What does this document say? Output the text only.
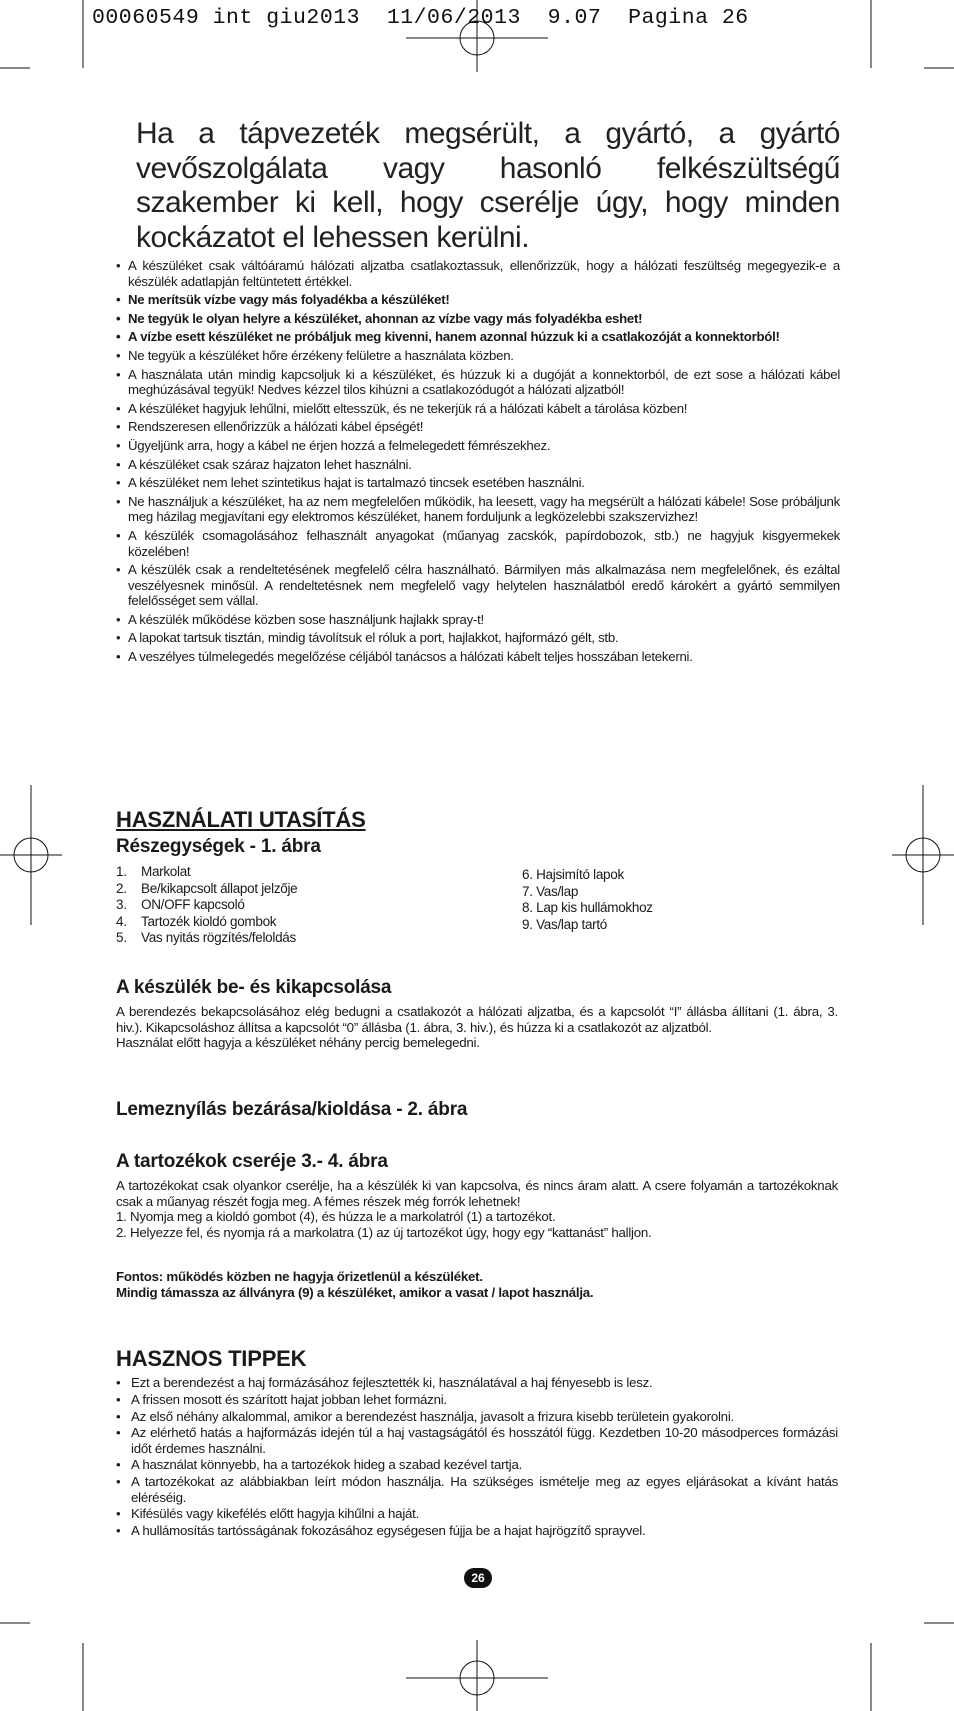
00060549 int giu2013  11/06/2013  9.07  Pagina 26

Ha a tápvezeték megsérült, a gyártó, a gyártó vevőszolgálata vagy hasonló felkészültségű szakember ki kell, hogy cserélje úgy, hogy minden kockázatot el lehessen kerülni.

• A készüléket csak váltóáramú hálózati aljzatba csatlakoztassuk, ellenőrizzük, hogy a hálózati feszültség megegyezik-e a készülék adatlapján feltüntetett értékkel.
• Ne merítsük vízbe vagy más folyadékba a készüléket!
• Ne tegyük le olyan helyre a készüléket, ahonnan az vízbe vagy más folyadékba eshet!
• A vízbe esett készüléket ne próbáljuk meg kivenni, hanem azonnal húzzuk ki a csatlakozóját a konnektorból!
• Ne tegyük a készüléket hőre érzékeny felületre a használata közben.
• A használata után mindig kapcsoljuk ki a készüléket, és húzzuk ki a dugóját a konnektorból, de ezt sose a hálózati kábel meghúzásával tegyük! Nedves kézzel tilos kihúzni a csatlakozódugót a hálózati aljzatból!
• A készüléket hagyjuk lehűlni, mielőtt eltesszük, és ne tekerjük rá a hálózati kábelt a tárolása közben!
• Rendszeresen ellenőrizzük a hálózati kábel épségét!
• Ügyeljünk arra, hogy a kábel ne érjen hozzá a felmelegedett fémrészekhez.
• A készüléket csak száraz hajzaton lehet használni.
• A készüléket nem lehet szintetikus hajat is tartalmazó tincsek esetében használni.
• Ne használjuk a készüléket, ha az nem megfelelően működik, ha leesett, vagy ha megsérült a hálózati kábele! Sose próbáljunk meg házilag megjavítani egy elektromos készüléket, hanem forduljunk a legközelebbi szakszervizhez!
• A készülék csomagolásához felhasznált anyagokat (műanyag zacskók, papírdobozok, stb.) ne hagyjuk kisgyermekek közelében!
• A készülék csak a rendeltetésének megfelelő célra használható. Bármilyen más alkalmazása nem megfelelőnek, és ezáltal veszélyesnek minősül. A rendeltetésnek nem megfelelő vagy helytelen használatból eredő károkért a gyártó semmilyen felelősséget sem vállal.
• A készülék működése közben sose használjunk hajlakk spray-t!
• A lapokat tartsuk tisztán, mindig távolítsuk el róluk a port, hajlakkot, hajformázó gélt, stb.
• A veszélyes túlmelegedés megelőzése céljából tanácsos a hálózati kábelt teljes hosszában letekerni.
HASZNÁLATI UTASÍTÁS
Részegységek - 1. ábra
1. Markolat
2. Be/kikapcsolt állapot jelzője
3. ON/OFF kapcsoló
4. Tartozék kioldó gombok
5. Vas nyitás rögzítés/feloldás
6. Hajsimító lapok
7. Vas/lap
8. Lap kis hullámokhoz
9. Vas/lap tartó
A készülék be- és kikapcsolása

A berendezés bekapcsolásához elég bedugni a csatlakozót a hálózati aljzatba, és a kapcsolót “I” állásba állítani (1. ábra, 3. hiv.). Kikapcsoláshoz állítsa a kapcsolót “0” állásba (1. ábra, 3. hiv.), és húzza ki a csatlakozót az aljzatból.

Használat előtt hagyja a készüléket néhány percig bemelegedni.

Lemeznyílás bezárása/kioldása - 2. ábra
A tartozékok cseréje 3.- 4. ábra

A tartozékokat csak olyankor cserélje, ha a készülék ki van kapcsolva, és nincs áram alatt. A csere folyamán a tartozékoknak csak a műanyag részét fogja meg. A fémes részek még forrók lehetnek!

1. Nyomja meg a kioldó gombot (4), és húzza le a markolatról (1) a tartozékot.

2. Helyezze fel, és nyomja rá a markolatra (1) az új tartozékot úgy, hogy egy “kattanást” halljon.

Fontos: működés közben ne hagyja őrizetlenül a készüléket.

Mindig támassza az állványra (9) a készüléket, amikor a vasat / lapot használja.

HASZNOS TIPPEK
• Ezt a berendezést a haj formázásához fejlesztették ki, használatával a haj fényesebb is lesz.
• A frissen mosott és szárított hajat jobban lehet formázni.
• Az első néhány alkalommal, amikor a berendezést használja, javasolt a frizura kisebb területein gyakorolni.
• Az elérhető hatás a hajformázás idején túl a haj vastagságától és hosszától függ. Kezdetben 10-20 másodperces formázási időt érdemes használni.
• A használat könnyebb, ha a tartozékok hideg a szabad kezével tartja.
• A tartozékokat az alábbiakban leírt módon használja. Ha szükséges ismételje meg az egyes eljárásokat a kívánt hatás eléréséig.
• Kifésülés vagy kikefélés előtt hagyja kihűlni a haját.
• A hullámosítás tartósságának fokozásához egységesen fújja be a hajat hajrögzítő sprayvel.
26
